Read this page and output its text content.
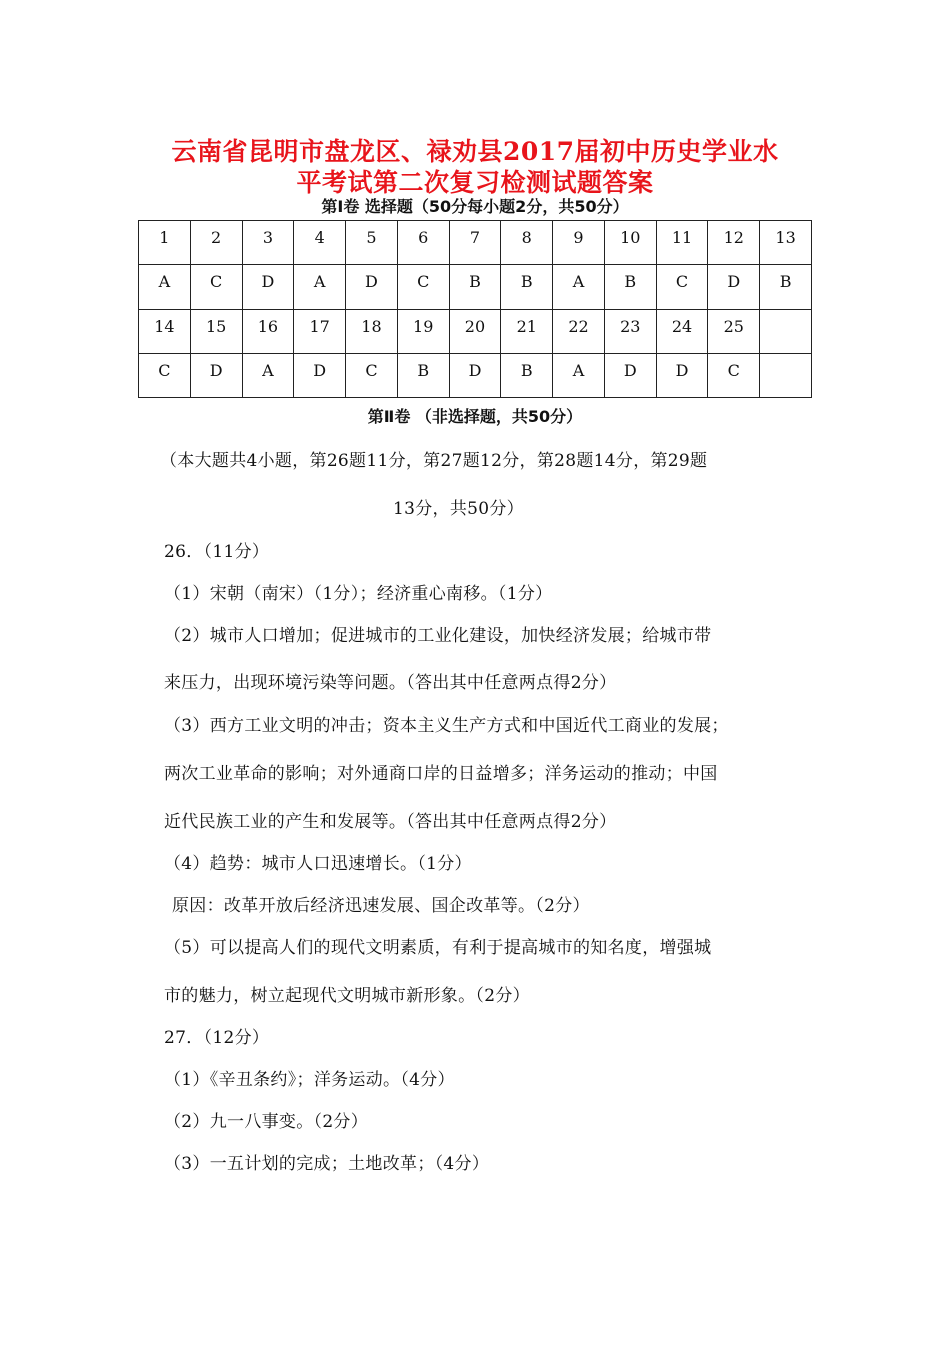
云南省昆明市盘龙区、禄劝县2017届初中历史学业水
平考试第二次复习检测试题答案
第Ⅰ卷 选择题（50分每小题2分，共50分）
1	2	3	4	5	6	7	8	9	10	11	12	13
A	C	D	A	D	C	B	B	A	B	C	D	B
14	15	16	17	18	19	20	21	22	23	24	25	
C	D	A	D	C	B	D	B	A	D	D	C	
第Ⅱ卷 （非选择题，共50分）
（本大题共4小题，第26题11分，第27题12分，第28题14分，第29题
13分，共50分）
26．（11分）
（1）宋朝（南宋）（1分）；经济重心南移。（1分）
（2）城市人口增加；促进城市的工业化建设，加快经济发展；给城市带
来压力，出现环境污染等问题。（答出其中任意两点得2分）
（3）西方工业文明的冲击；资本主义生产方式和中国近代工商业的发展；
两次工业革命的影响；对外通商口岸的日益增多；洋务运动的推动；中国
近代民族工业的产生和发展等。（答出其中任意两点得2分）
（4）趋势：城市人口迅速增长。（1分）
原因：改革开放后经济迅速发展、国企改革等。（2分）
（5）可以提高人们的现代文明素质，有利于提高城市的知名度，增强城
市的魅力，树立起现代文明城市新形象。（2分）
27．（12分）
（1）《辛丑条约》；洋务运动。（4分）
（2）九一八事变。（2分）
（3）一五计划的完成；土地改革；（4分）
